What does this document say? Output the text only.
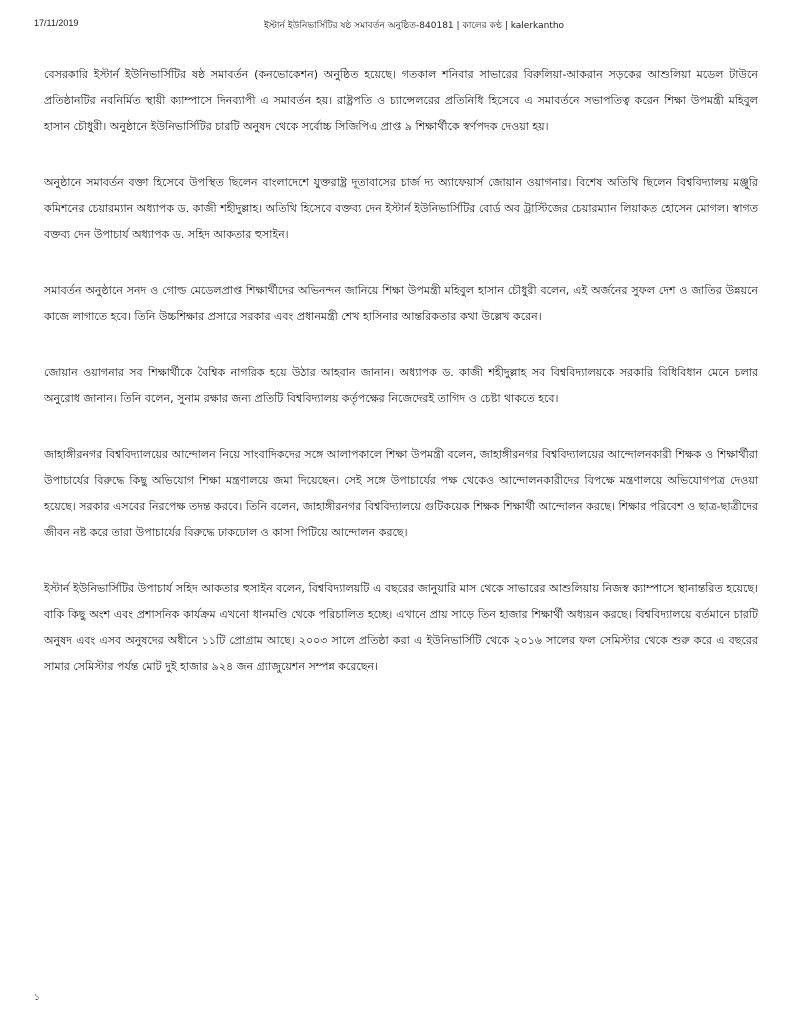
17/11/2019	ইস্টার্ন ইউনিভার্সিটির ষষ্ঠ সমাবর্তন অনুষ্ঠিত-840181 | কালের কণ্ঠ | kalerkantho

বেসরকারি ইস্টার্ন ইউনিভার্সিটির ষষ্ঠ সমাবর্তন (কনভোকেশন) অনুষ্ঠিত হয়েছে। গতকাল শনিবার সাভারের বিরুলিয়া-আকরান সড়কের আশুলিয়া মডেল টাউনে প্রতিষ্ঠানটির নবনির্মিত স্থায়ী ক্যাম্পাসে দিনব্যাপী এ সমাবর্তন হয়। রাষ্ট্রপতি ও চ্যান্সেলরের প্রতিনিধি হিসেবে এ সমাবর্তনে সভাপতিত্ব করেন শিক্ষা উপমন্ত্রী মহিবুল হাসান চৌধুরী। অনুষ্ঠানে ইউনিভার্সিটির চারটি অনুষদ থেকে সর্বোচ্চ সিজিপিএ প্রাপ্ত ৯ শিক্ষার্থীকে স্বর্ণপদক দেওয়া হয়।

অনুষ্ঠানে সমাবর্তন বক্তা হিসেবে উপস্থিত ছিলেন বাংলাদেশে যুক্তরাষ্ট্র দূতাবাসের চার্জ দ্য অ্যাফেয়ার্স জোয়ান ওয়াগনার। বিশেষ অতিথি ছিলেন বিশ্ববিদ্যালয় মঞ্জুরি কমিশনের চেয়ারম্যান অধ্যাপক ড. কাজী শহীদুল্লাহ। অতিথি হিসেবে বক্তব্য দেন ইস্টার্ন ইউনিভার্সিটির বোর্ড অব ট্রাস্টিজের চেয়ারম্যান লিয়াকত হোসেন মোগল। স্বাগত বক্তব্য দেন উপাচার্য অধ্যাপক ড. সহিদ আকতার হুসাইন।

সমাবর্তন অনুষ্ঠানে সনদ ও গোল্ড মেডেলপ্রাপ্ত শিক্ষার্থীদের অভিনন্দন জানিয়ে শিক্ষা উপমন্ত্রী মহিবুল হাসান চৌধুরী বলেন, এই অর্জনের সুফল দেশ ও জাতির উন্নয়নে কাজে লাগাতে হবে। তিনি উচ্চশিক্ষার প্রসারে সরকার এবং প্রধানমন্ত্রী শেখ হাসিনার আন্তরিকতার কথা উল্লেখ করেন।

জোয়ান ওয়াগনার সব শিক্ষার্থীকে বৈশ্বিক নাগরিক হয়ে উঠার আহবান জানান। অধ্যাপক ড. কাজী শহীদুল্লাহ সব বিশ্ববিদ্যালয়কে সরকারি বিধিবিধান মেনে চলার অনুরোধ জানান। তিনি বলেন, সুনাম রক্ষার জন্য প্রতিটি বিশ্ববিদ্যালয় কর্তৃপক্ষের নিজেদেরই তাগিদ ও চেষ্টা থাকতে হবে।

জাহাঙ্গীরনগর বিশ্ববিদ্যালয়ের আন্দোলন নিয়ে সাংবাদিকদের সঙ্গে আলাপকালে শিক্ষা উপমন্ত্রী বলেন, জাহাঙ্গীরনগর বিশ্ববিদ্যালয়ের আন্দোলনকারী শিক্ষক ও শিক্ষার্থীরা উপাচার্যের বিরুদ্ধে কিছু অভিযোগ শিক্ষা মন্ত্রণালয়ে জমা দিয়েছেন। সেই সঙ্গে উপাচার্যের পক্ষ থেকেও আন্দোলনকারীদের বিপক্ষে মন্ত্রণালয়ে অভিযোগপত্র দেওয়া হয়েছে। সরকার এসবের নিরপেক্ষ তদন্ত করবে। তিনি বলেন, জাহাঙ্গীরনগর বিশ্ববিদ্যালয়ে গুটিকয়েক শিক্ষক শিক্ষার্থী আন্দোলন করছে। শিক্ষার পরিবেশ ও ছাত্র-ছাত্রীদের জীবন নষ্ট করে তারা উপাচার্যের বিরুদ্ধে ঢাকঢোল ও কাসা পিটিয়ে আন্দোলন করছে।

ইস্টার্ন ইউনিভার্সিটির উপাচার্য সহিদ আকতার হুসাইন বলেন, বিশ্ববিদ্যালয়টি এ বছরের জানুয়ারি মাস থেকে সাভারের আশুলিয়ায় নিজস্ব ক্যাম্পাসে স্থানান্তরিত হয়েছে। বাকি কিছু অংশ এবং প্রশাসনিক কার্যক্রম এখনো ধানমণ্ডি থেকে পরিচালিত হচ্ছে। এখানে প্রায় সাড়ে তিন হাজার শিক্ষার্থী অধ্যয়ন করছে। বিশ্ববিদ্যালয়ে বর্তমানে চারটি অনুষদ এবং এসব অনুষদের অধীনে ১১টি প্রোগ্রাম আছে। ২০০৩ সালে প্রতিষ্ঠা করা এ ইউনিভার্সিটি থেকে ২০১৬ সালের ফল সেমিস্টার থেকে শুরু করে এ বছরের সামার সেমিস্টার পর্যন্ত মোট দুই হাজার ৯২৪ জন গ্র্যাজুয়েশন সম্পন্ন করেছেন।

১
